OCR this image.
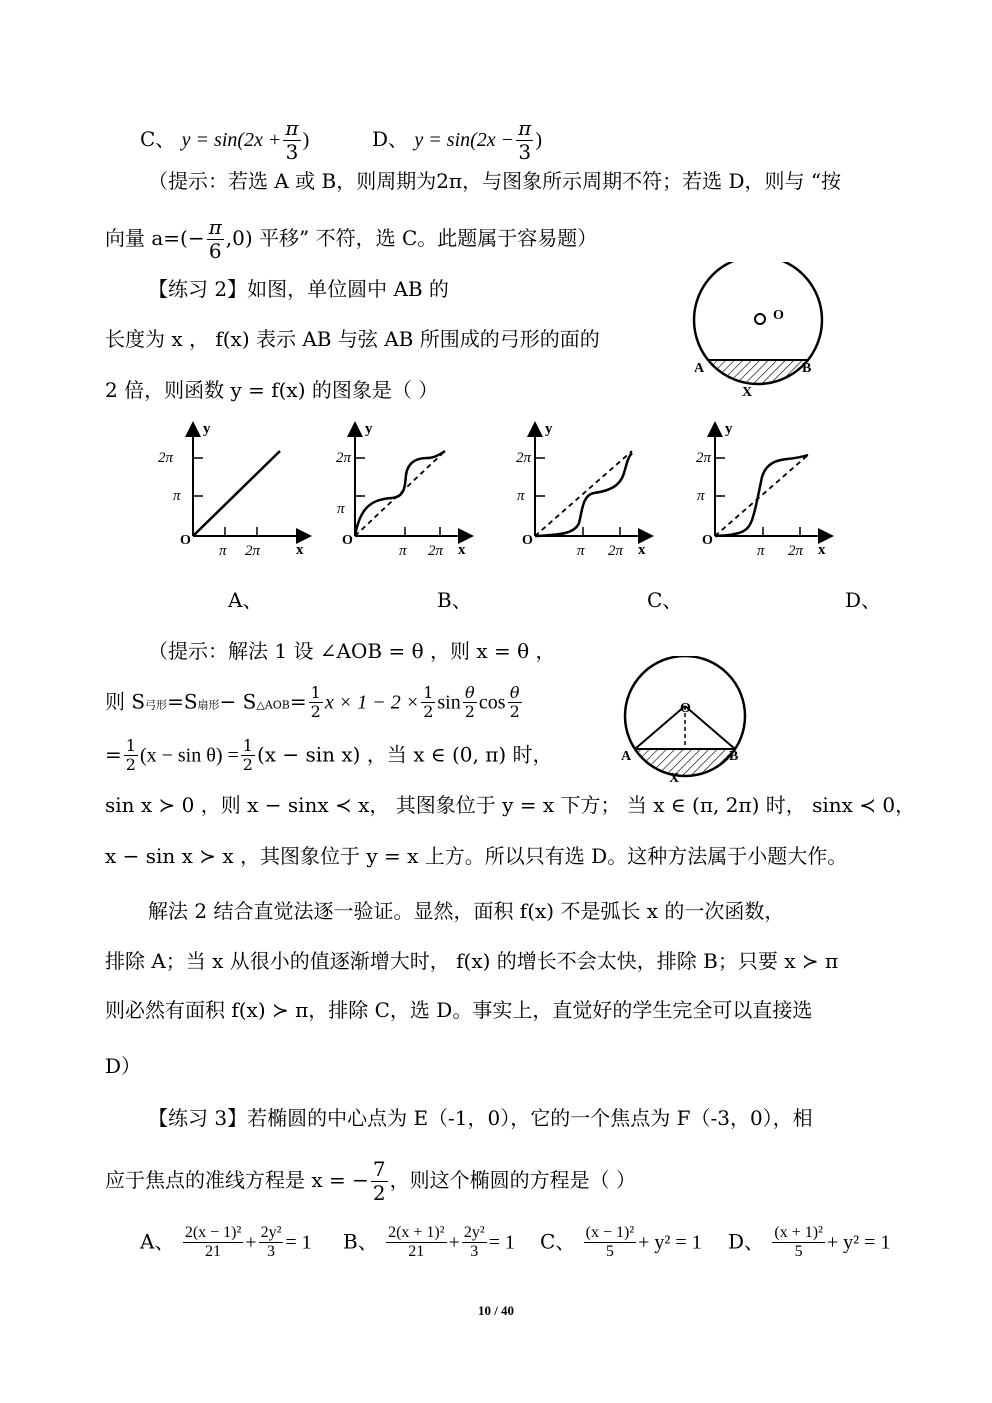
C、 $y = \sin(2x + \frac{\pi}{3}$ )	D、 $y = \sin(2x - \frac{\pi}{3}$ )
（提示：若选 A 或 B，则周期为2π，与图象所示周期不符；若选 D，则与 “按
向量 $a=(- \frac{\pi}{6} ,0)$ 平移” 不符，选 C。此题属于容易题）
【练习 2】如图，单位圆中 AB 的
长度为 x ， f(x) 表示 AB 与弦 AB 所围成的弓形的面的
2 倍，则函数 y = f(x) 的图象是（ ）
O
A	B
X
y
x
O
2π
π
π 2π
y
x
O
2π
π
π 2π
y
x
O
2π
π
π 2π
y
x
O
2π
π
π 2π
A、	B、	C、	D、
（提示：解法 1 设 ∠AOB = θ ，则 x = θ ，
则 S弓形=S扇形− S△AOB= $\frac{1}{2}$ $x \times 1 - 2 \times \frac{1}{2}$ $\sin \frac{\theta}{2}$ $\cos \frac{\theta}{2}$
= $\frac{1}{2} (x - \sin \theta) = \frac{1}{2} (x - \sin x)$ ，当 x ∈ (0, π) 时，
O
A	B
X
sin x ≻ 0 ，则 x − sinx ≺ x， 其图象位于 y = x 下方； 当 x ∈ (π, 2π) 时， sinx ≺ 0，
x − sin x ≻ x ，其图象位于 y = x 上方。所以只有选 D。这种方法属于小题大作。
解法 2 结合直觉法逐一验证。显然，面积 f(x) 不是弧长 x 的一次函数，
排除 A；当 x 从很小的值逐渐增大时， f(x) 的增长不会太快，排除 B；只要 x ≻ π
则必然有面积 f(x) ≻ π，排除 C，选 D。事实上，直觉好的学生完全可以直接选
D）
【练习 3】若椭圆的中心点为 E（-1，0），它的一个焦点为 F（-3，0），相
应于焦点的准线方程是 x = − $\frac{7}{2}$ ，则这个椭圆的方程是（ ）
A、 $\frac{\text{2(x − 1)²}}{21} + \frac{\text{2y²}}{3} = 1$ B、 $\frac{\text{2(x + 1)²}}{21} + \frac{\text{2y²}}{3} = 1$ C、 $\frac{\text{(x − 1)²}}{5} + y^2 = 1$ D、 $\frac{\text{(x + 1)²}}{5} + y^2 = 1$
10 / 40
